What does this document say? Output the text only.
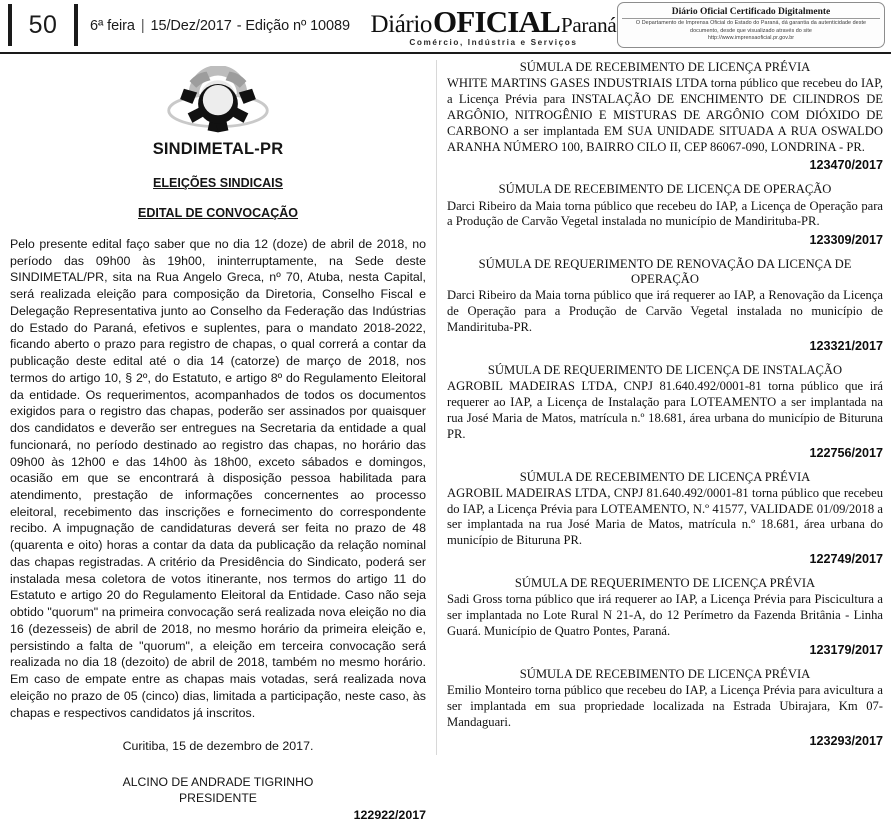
50	6ª feira | 15/Dez/2017 - Edição nº 10089 Diário OFICIAL Paraná
Comércio, Indústria e Serviços
Diário Oficial Certificado Digitalmente
O Departamento de Imprensa Oficial do Estado do Paraná, dá garantia da autenticidade deste documento, desde que visualizado através do site
http://www.imprensaoficial.pr.gov.br
SINDIMETAL-PR
ELEIÇÕES SINDICAIS
EDITAL DE CONVOCAÇÃO
Pelo presente edital faço saber que no dia 12 (doze) de abril de 2018, no período das 09h00 às 19h00, ininterruptamente, na Sede deste SINDIMETAL/PR, sita na Rua Angelo Greca, nº 70, Atuba, nesta Capital, será realizada eleição para composição da Diretoria, Conselho Fiscal e Delegação Representativa junto ao Conselho da Federação das Indústrias do Estado do Paraná, efetivos e suplentes, para o mandato 2018-2022, ficando aberto o prazo para registro de chapas, o qual correrá a contar da publicação deste edital até o dia 14 (catorze) de março de 2018, nos termos do artigo 10, § 2º, do Estatuto, e artigo 8º do Regulamento Eleitoral da entidade. Os requerimentos, acompanhados de todos os documentos exigidos para o registro das chapas, poderão ser assinados por quaisquer dos candidatos e deverão ser entregues na Secretaria da entidade a qual funcionará, no período destinado ao registro das chapas, no horário das 09h00 às 12h00 e das 14h00 às 18h00, exceto sábados e domingos, ocasião em que se encontrará à disposição pessoa habilitada para atendimento, prestação de informações concernentes ao processo eleitoral, recebimento das inscrições e fornecimento do correspondente recibo. A impugnação de candidaturas deverá ser feita no prazo de 48 (quarenta e oito) horas a contar da data da publicação da relação nominal das chapas registradas. A critério da Presidência do Sindicato, poderá ser instalada mesa coletora de votos itinerante, nos termos do artigo 11 do Estatuto e artigo 20 do Regulamento Eleitoral da Entidade. Caso não seja obtido "quorum" na primeira convocação será realizada nova eleição no dia 16 (dezesseis) de abril de 2018, no mesmo horário da primeira eleição e, persistindo a falta de "quorum", a eleição em terceira convocação será realizada no dia 18 (dezoito) de abril de 2018, também no mesmo horário. Em caso de empate entre as chapas mais votadas, será realizada nova eleição no prazo de 05 (cinco) dias, limitada a participação, neste caso, às chapas e respectivos candidatos já inscritos.
Curitiba, 15 de dezembro de 2017.
ALCINO DE ANDRADE TIGRINHO
PRESIDENTE
122922/2017
SÚMULA DE RECEBIMENTO DE LICENÇA PRÉVIA
WHITE MARTINS GASES INDUSTRIAIS LTDA torna público que recebeu do IAP, a Licença Prévia para INSTALAÇÃO DE ENCHIMENTO DE CILINDROS DE ARGÔNIO, NITROGÊNIO E MISTURAS DE ARGÔNIO COM DIÓXIDO DE CARBONO a ser implantada EM SUA UNIDADE SITUADA A RUA OSWALDO ARANHA NÚMERO 100, BAIRRO CILO II, CEP 86067-090, LONDRINA - PR.
123470/2017
SÚMULA DE RECEBIMENTO DE LICENÇA DE OPERAÇÃO
Darci Ribeiro da Maia torna público que recebeu do IAP, a Licença de Operação para a Produção de Carvão Vegetal instalada no município de Mandirituba-PR.
123309/2017
SÚMULA DE REQUERIMENTO DE RENOVAÇÃO DA LICENÇA DE OPERAÇÃO
Darci Ribeiro da Maia torna público que irá requerer ao IAP, a Renovação da Licença de Operação para a Produção de Carvão Vegetal instalada no município de Mandirituba-PR.
123321/2017
SÚMULA DE REQUERIMENTO DE LICENÇA DE INSTALAÇÃO
AGROBIL MADEIRAS LTDA, CNPJ 81.640.492/0001-81 torna público que irá requerer ao IAP, a Licença de Instalação para LOTEAMENTO a ser implantada na rua José Maria de Matos, matrícula n.º 18.681, área urbana do município de Bituruna PR.
122756/2017
SÚMULA DE RECEBIMENTO DE LICENÇA PRÉVIA
AGROBIL MADEIRAS LTDA, CNPJ 81.640.492/0001-81 torna público que recebeu do IAP, a Licença Prévia para LOTEAMENTO, N.º 41577, VALIDADE 01/09/2018 a ser implantada na rua José Maria de Matos, matrícula n.º 18.681, área urbana do município de Bituruna PR.
122749/2017
SÚMULA DE REQUERIMENTO DE LICENÇA PRÉVIA
Sadi Gross torna público que irá requerer ao IAP, a Licença Prévia para Piscicultura a ser implantada no Lote Rural N 21-A, do 12 Perímetro da Fazenda Britânia - Linha Guará. Município de Quatro Pontes, Paraná.
123179/2017
SÚMULA DE RECEBIMENTO DE LICENÇA PRÉVIA
Emilio Monteiro torna público que recebeu do IAP, a Licença Prévia para avicultura a ser implantada em sua propriedade localizada na Estrada Ubirajara, Km 07- Mandaguari.
123293/2017
